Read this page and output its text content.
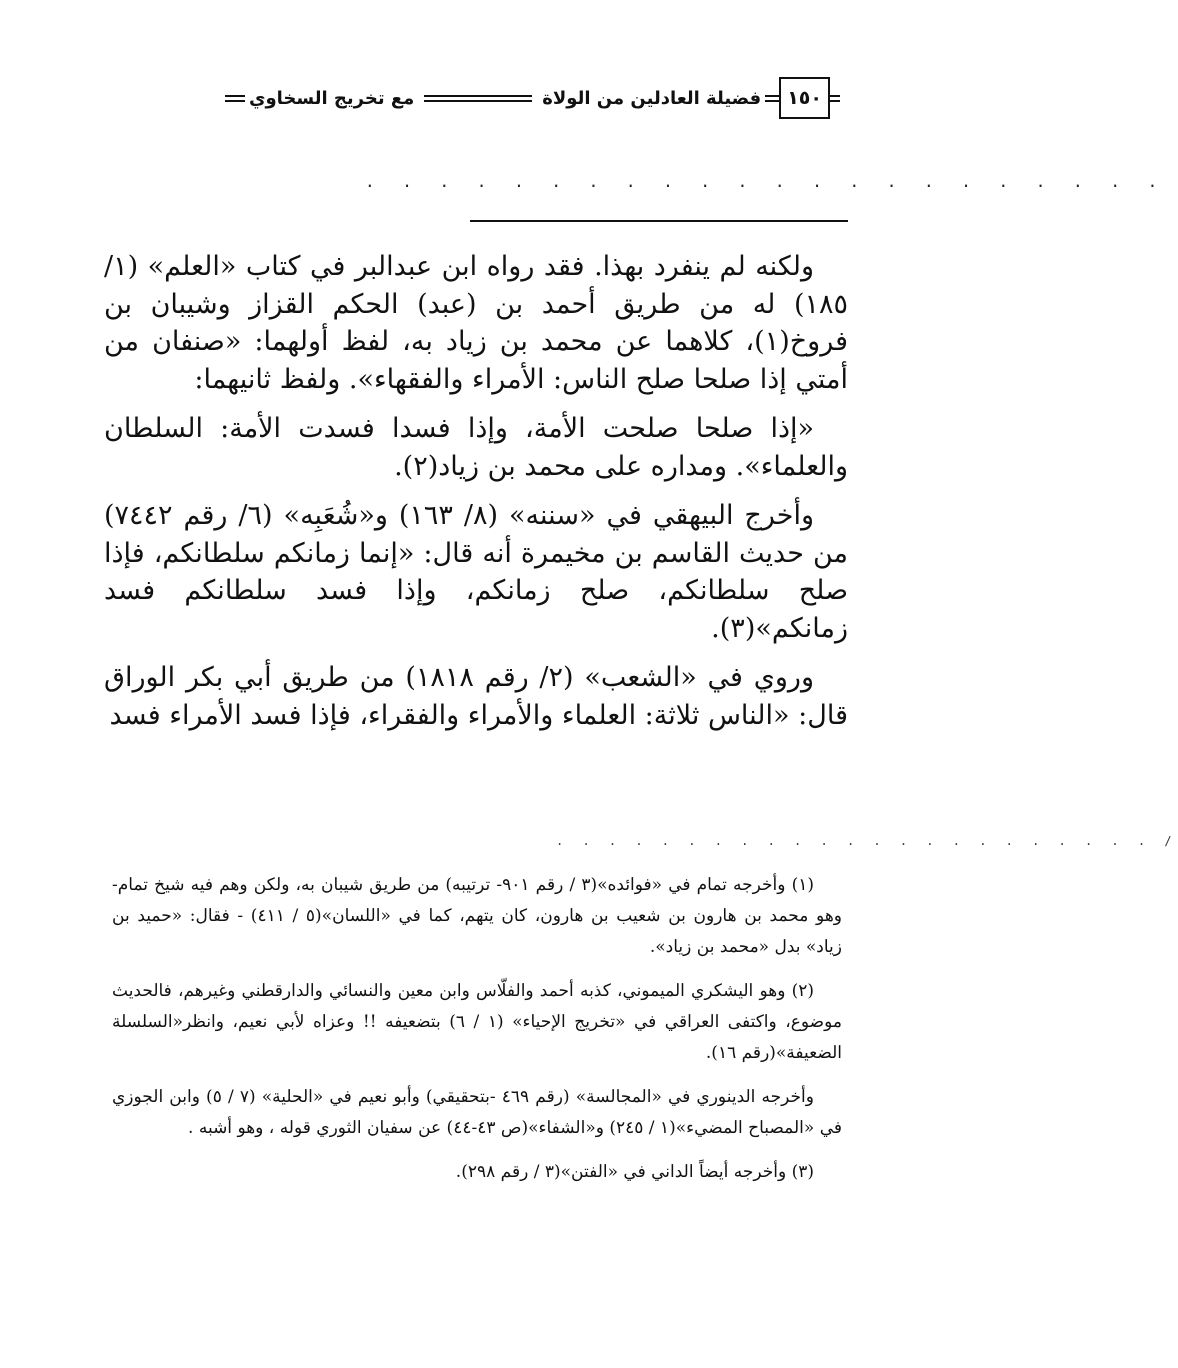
١٥٠
فضيلة العادلين من الولاة
مع تخريج السخاوي
. . . . . . . . . . . . . . . . . . . . . .

ولكنه لم ينفرد بهذا. فقد رواه ابن عبدالبر في كتاب «العلم» (١/ ١٨٥) له من طريق أحمد بن (عبد) الحكم القزاز وشيبان بن فروخ(١)، كلاهما عن محمد بن زياد به، لفظ أولهما: «صنفان من أمتي إذا صلحا صلح الناس: الأمراء والفقهاء». ولفظ ثانيهما:

«إذا صلحا صلحت الأمة، وإذا فسدا فسدت الأمة: السلطان والعلماء». ومداره على محمد بن زياد(٢).

وأخرج البيهقي في «سننه» (٨/ ١٦٣) و«شُعَبِه» (٦/ رقم ٧٤٤٢) من حديث القاسم بن مخيمرة أنه قال: «إنما زمانكم سلطانكم، فإذا صلح سلطانكم، صلح زمانكم، وإذا فسد سلطانكم فسد زمانكم»(٣).

وروي في «الشعب» (٢/ رقم ١٨١٨) من طريق أبي بكر الوراق قال: «الناس ثلاثة: العلماء والأمراء والفقراء، فإذا فسد الأمراء فسد

. . . . . . . . . . . . . . . . . . . . . . . /

(١) وأخرجه تمام في «فوائده»(٣ / رقم ٩٠١- ترتيبه) من طريق شيبان به، ولكن وهم فيه شيخ تمام- وهو محمد بن هارون بن شعيب بن هارون، كان يتهم، كما في «اللسان»(٥ / ٤١١) - فقال: «حميد بن زياد» بدل «محمد بن زياد».

(٢) وهو اليشكري الميموني، كذبه أحمد والفلّاس وابن معين والنسائي والدارقطني وغيرهم، فالحديث موضوع، واكتفى العراقي في «تخريج الإحياء» (١ / ٦) بتضعيفه !! وعزاه لأبي نعيم، وانظر«السلسلة الضعيفة»(رقم ١٦).

وأخرجه الدينوري في «المجالسة» (رقم ٤٦٩ -بتحقيقي) وأبو نعيم في «الحلية» (٧ / ٥) وابن الجوزي في «المصباح المضيء»(١ / ٢٤٥) و«الشفاء»(ص ٤٣-٤٤) عن سفيان الثوري قوله ، وهو أشبه .

(٣) وأخرجه أيضاً الداني في «الفتن»(٣ / رقم ٢٩٨).
